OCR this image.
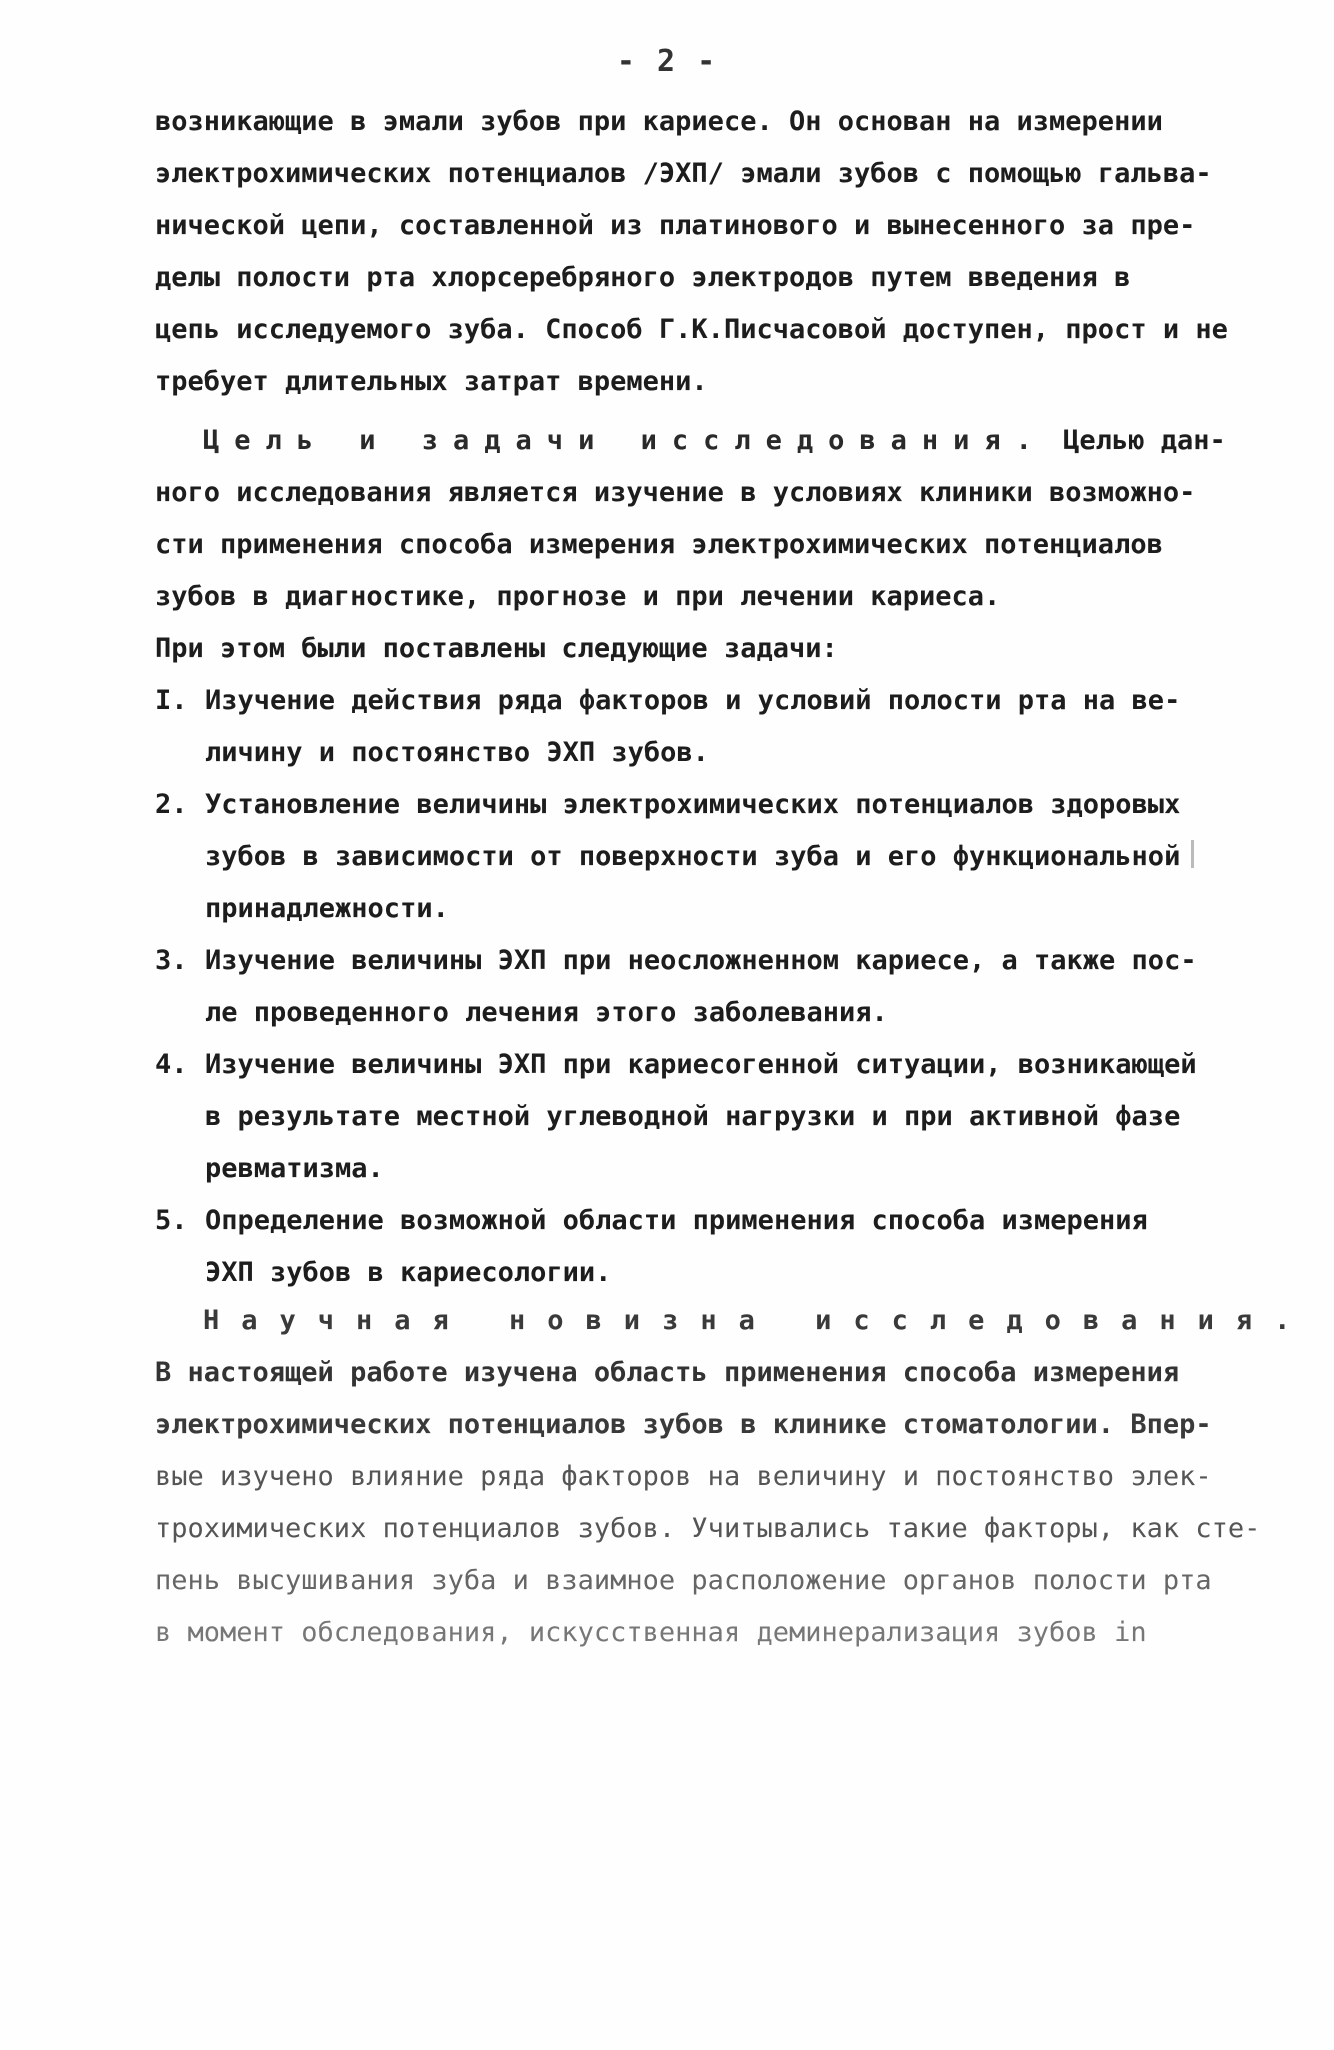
- 2 -
возникающие в эмали зубов при кариесе. Он основан на измерении
электрохимических потенциалов /ЭХП/ эмали зубов с помощью гальва-
нической цепи, составленной из платинового и вынесенного за пре-
делы полости рта хлорсеребряного электродов путем введения в
цепь исследуемого зуба. Способ Г.К.Писчасовой доступен, прост и не
требует длительных затрат времени.
Цель и задачи исследования. Целью дан-
ного исследования является изучение в условиях клиники возможно-
сти применения способа измерения электрохимических потенциалов
зубов в диагностике, прогнозе и при лечении кариеса.
При этом были поставлены следующие задачи:
I. Изучение действия ряда факторов и условий полости рта на ве-
личину и постоянство ЭХП зубов.
2. Установление величины электрохимических потенциалов здоровых
зубов в зависимости от поверхности зуба и его функциональной
принадлежности.
3. Изучение величины ЭХП при неосложненном кариесе, а также пос-
ле проведенного лечения этого заболевания.
4. Изучение величины ЭХП при кариесогенной ситуации, возникающей
в результате местной углеводной нагрузки и при активной фазе
ревматизма.
5. Определение возможной области применения способа измерения
ЭХП зубов в кариесологии.
Научная новизна исследования.
В настоящей работе изучена область применения способа измерения
электрохимических потенциалов зубов в клинике стоматологии. Впер-
вые изучено влияние ряда факторов на величину и постоянство элек-
трохимических потенциалов зубов. Учитывались такие факторы, как сте-
пень высушивания зуба и взаимное расположение органов полости рта
в момент обследования, искусственная деминерализация зубов in
